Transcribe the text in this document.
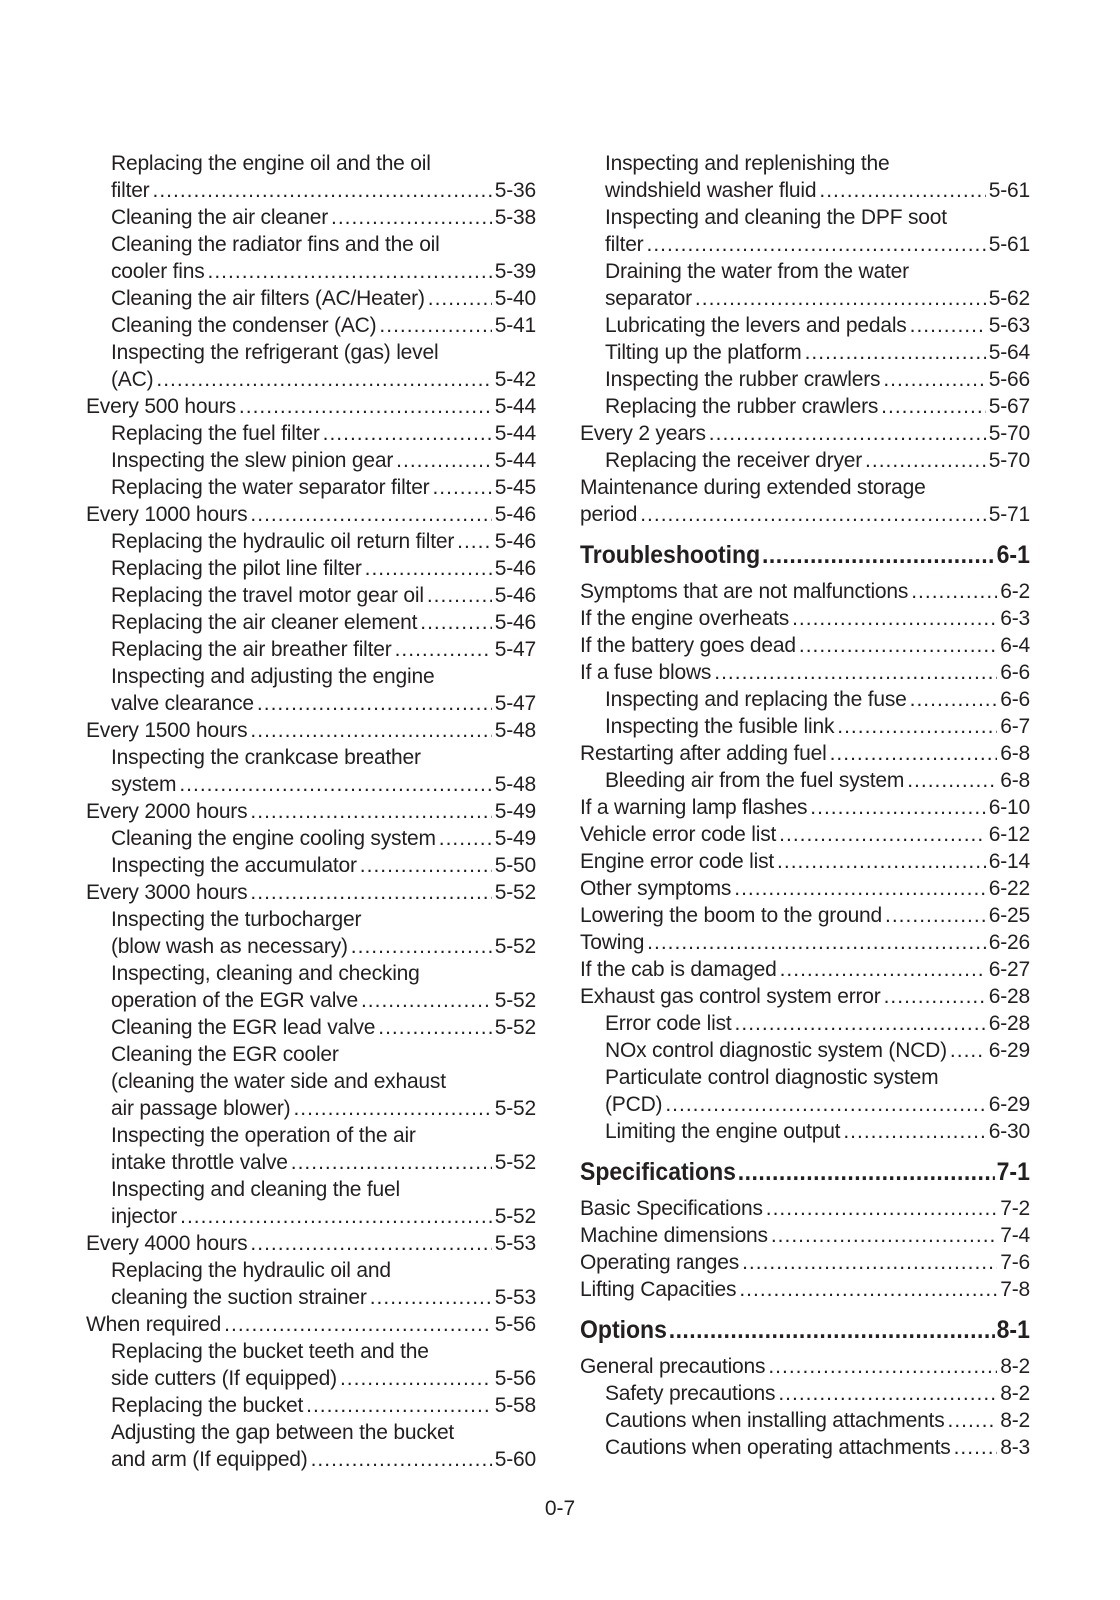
Replacing the engine oil and the oil
filter .....	5-36
Cleaning the air cleaner .....	5-38
Cleaning the radiator fins and the oil
cooler fins .....	5-39
Cleaning the air filters (AC/Heater) .....	5-40
Cleaning the condenser (AC) .....	5-41
Inspecting the refrigerant (gas) level
(AC) .....	5-42
Every 500 hours .....	5-44
Replacing the fuel filter .....	5-44
Inspecting the slew pinion gear .....	5-44
Replacing the water separator filter .....	5-45
Every 1000 hours .....	5-46
Replacing the hydraulic oil return filter ..... 5-46
Replacing the pilot line filter .....	5-46
Replacing the travel motor gear oil .....	5-46
Replacing the air cleaner element .....	5-46
Replacing the air breather filter .....	5-47
Inspecting and adjusting the engine
valve clearance .....	5-47
Every 1500 hours .....	5-48
Inspecting the crankcase breather
system .....	5-48
Every 2000 hours .....	5-49
Cleaning the engine cooling system .....	5-49
Inspecting the accumulator .....	5-50
Every 3000 hours .....	5-52
Inspecting the turbocharger
(blow wash as necessary) .....	5-52
Inspecting, cleaning and checking
operation of the EGR valve .....	5-52
Cleaning the EGR lead valve .....	5-52
Cleaning the EGR cooler
(cleaning the water side and exhaust
air passage blower) .....	5-52
Inspecting the operation of the air
intake throttle valve .....	5-52
Inspecting and cleaning the fuel
injector .....	5-52
Every 4000 hours .....	5-53
Replacing the hydraulic oil and
cleaning the suction strainer .....	5-53
When required .....	5-56
Replacing the bucket teeth and the
side cutters (If equipped) .....	5-56
Replacing the bucket .....	5-58
Adjusting the gap between the bucket
and arm (If equipped) .....	5-60
Inspecting and replenishing the
windshield washer fluid .....	5-61
Inspecting and cleaning the DPF soot
filter .....	5-61
Draining the water from the water
separator .....	5-62
Lubricating the levers and pedals .....	5-63
Tilting up the platform .....	5-64
Inspecting the rubber crawlers .....	5-66
Replacing the rubber crawlers .....	5-67
Every 2 years .....	5-70
Replacing the receiver dryer .....	5-70
Maintenance during extended storage
period .....	5-71
Troubleshooting .....	6-1
Symptoms that are not malfunctions .....	6-2
If the engine overheats .....	6-3
If the battery goes dead .....	6-4
If a fuse blows .....	6-6
Inspecting and replacing the fuse .....	6-6
Inspecting the fusible link .....	6-7
Restarting after adding fuel .....	6-8
Bleeding air from the fuel system .....	6-8
If a warning lamp flashes .....	6-10
Vehicle error code list .....	6-12
Engine error code list .....	6-14
Other symptoms .....	6-22
Lowering the boom to the ground .....	6-25
Towing .....	6-26
If the cab is damaged .....	6-27
Exhaust gas control system error .....	6-28
Error code list .....	6-28
NOx control diagnostic system (NCD) ..... 6-29
Particulate control diagnostic system
(PCD) .....	6-29
Limiting the engine output .....	6-30
Specifications .....	7-1
Basic Specifications .....	7-2
Machine dimensions .....	7-4
Operating ranges .....	7-6
Lifting Capacities .....	7-8
Options .....	8-1
General precautions .....	8-2
Safety precautions .....	8-2
Cautions when installing attachments .....	8-2
Cautions when operating attachments ..... 8-3
0-7
